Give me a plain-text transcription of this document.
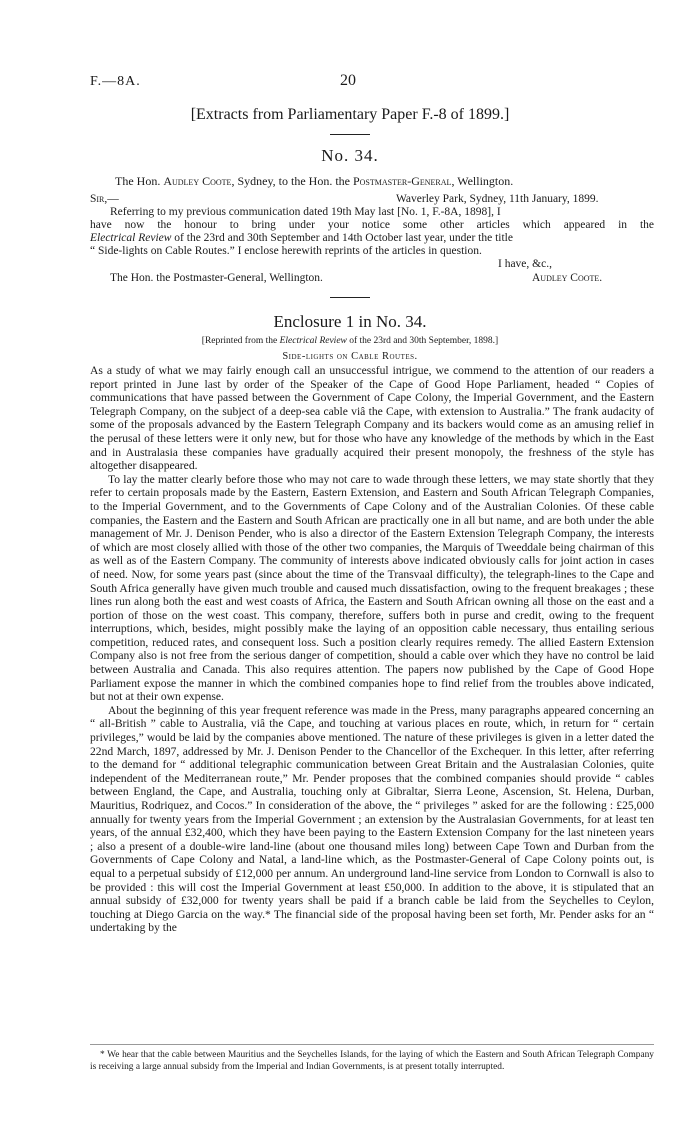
F.—8A.	20
[Extracts from Parliamentary Paper F.-8 of 1899.]
No. 34.
The Hon. Audley Coote, Sydney, to the Hon. the Postmaster-General, Wellington.
Sir,—	Waverley Park, Sydney, 11th January, 1899.
Referring to my previous communication dated 19th May last [No. 1, F.-8A, 1898], I
have now the honour to bring under your notice some other articles which appeared in the
Electrical Review of the 23rd and 30th September and 14th October last year, under the title
“ Side-lights on Cable Routes.” I enclose herewith reprints of the articles in question.
I have, &c.,
The Hon. the Postmaster-General, Wellington.	Audley Coote.
Enclosure 1 in No. 34.
[Reprinted from the Electrical Review of the 23rd and 30th September, 1898.]
Side-lights on Cable Routes.

As a study of what we may fairly enough call an unsuccessful intrigue, we commend to the attention of our readers a report printed in June last by order of the Speaker of the Cape of Good Hope Parliament, headed “ Copies of communications that have passed between the Government of Cape Colony, the Imperial Government, and the Eastern Telegraph Company, on the subject of a deep-sea cable viâ the Cape, with extension to Australia.” The frank audacity of some of the proposals advanced by the Eastern Telegraph Company and its backers would come as an amusing relief in the perusal of these letters were it only new, but for those who have any knowledge of the methods by which in the East and in Australasia these companies have gradually acquired their present monopoly, the freshness of the style has altogether disappeared.

To lay the matter clearly before those who may not care to wade through these letters, we may state shortly that they refer to certain proposals made by the Eastern, Eastern Extension, and Eastern and South African Telegraph Companies, to the Imperial Government, and to the Governments of Cape Colony and of the Australian Colonies. Of these cable companies, the Eastern and the Eastern and South African are practically one in all but name, and are both under the able management of Mr. J. Denison Pender, who is also a director of the Eastern Extension Telegraph Company, the interests of which are most closely allied with those of the other two companies, the Marquis of Tweeddale being chairman of this as well as of the Eastern Company. The community of interests above indicated obviously calls for joint action in cases of need. Now, for some years past (since about the time of the Transvaal difficulty), the telegraph-lines to the Cape and South Africa generally have given much trouble and caused much dissatisfaction, owing to the frequent breakages ; these lines run along both the east and west coasts of Africa, the Eastern and South African owning all those on the east and a portion of those on the west coast. This company, therefore, suffers both in purse and credit, owing to the frequent interruptions, which, besides, might possibly make the laying of an opposition cable necessary, thus entailing serious competition, reduced rates, and consequent loss. Such a position clearly requires remedy. The allied Eastern Extension Company also is not free from the serious danger of competition, should a cable over which they have no control be laid between Australia and Canada. This also requires attention. The papers now published by the Cape of Good Hope Parliament expose the manner in which the combined companies hope to find relief from the troubles above indicated, but not at their own expense.

About the beginning of this year frequent reference was made in the Press, many paragraphs appeared concerning an “ all-British ” cable to Australia, viâ the Cape, and touching at various places en route, which, in return for “ certain privileges,” would be laid by the companies above mentioned. The nature of these privileges is given in a letter dated the 22nd March, 1897, addressed by Mr. J. Denison Pender to the Chancellor of the Exchequer. In this letter, after referring to the demand for “ additional telegraphic communication between Great Britain and the Australasian Colonies, quite independent of the Mediterranean route,” Mr. Pender proposes that the combined companies should provide “ cables between England, the Cape, and Australia, touching only at Gibraltar, Sierra Leone, Ascension, St. Helena, Durban, Mauritius, Rodriquez, and Cocos.” In consideration of the above, the “ privileges ” asked for are the following : £25,000 annually for twenty years from the Imperial Government ; an extension by the Australasian Governments, for at least ten years, of the annual £32,400, which they have been paying to the Eastern Extension Company for the last nineteen years ; also a present of a double-wire land-line (about one thousand miles long) between Cape Town and Durban from the Governments of Cape Colony and Natal, a land-line which, as the Postmaster-General of Cape Colony points out, is equal to a perpetual subsidy of £12,000 per annum. An underground land-line service from London to Cornwall is also to be provided : this will cost the Imperial Government at least £50,000. In addition to the above, it is stipulated that an annual subsidy of £32,000 for twenty years shall be paid if a branch cable be laid from the Seychelles to Ceylon, touching at Diego Garcia on the way.* The financial side of the proposal having been set forth, Mr. Pender asks for an “ undertaking by the

* We hear that the cable between Mauritius and the Seychelles Islands, for the laying of which the Eastern and South African Telegraph Company is receiving a large annual subsidy from the Imperial and Indian Governments, is at present totally interrupted.
